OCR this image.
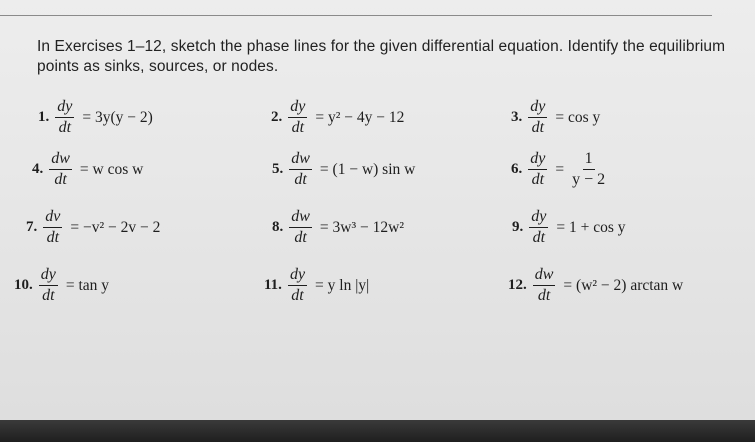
In Exercises 1–12, sketch the phase lines for the given differential equation. Identify the equilibrium points as sinks, sources, or nodes.

1. $\frac{dy}{dt} = 3y(y - 2)$	2. $\frac{dy}{dt} = y^2 - 4y - 12$	3. $\frac{dy}{dt} = \cos y$
4. $\frac{dw}{dt} = w$ cos w	5. $\frac{dw}{dt} = (1 - w)$ sin w	6. $\frac{dy}{dt} = \frac{1}{y - 2}$
7. $\frac{dv}{dt} = -v^2 - 2v - 2$	8. $\frac{dw}{dt} = 3w^3 - 12w^2$	9. $\frac{dy}{dt} = 1 + \cos y$
10. $\frac{dy}{dt} = \tan y$	11. $\frac{dy}{dt} = y$ ln |y|	12. $\frac{dw}{dt} = (w^2 - 2)$ arctan w
